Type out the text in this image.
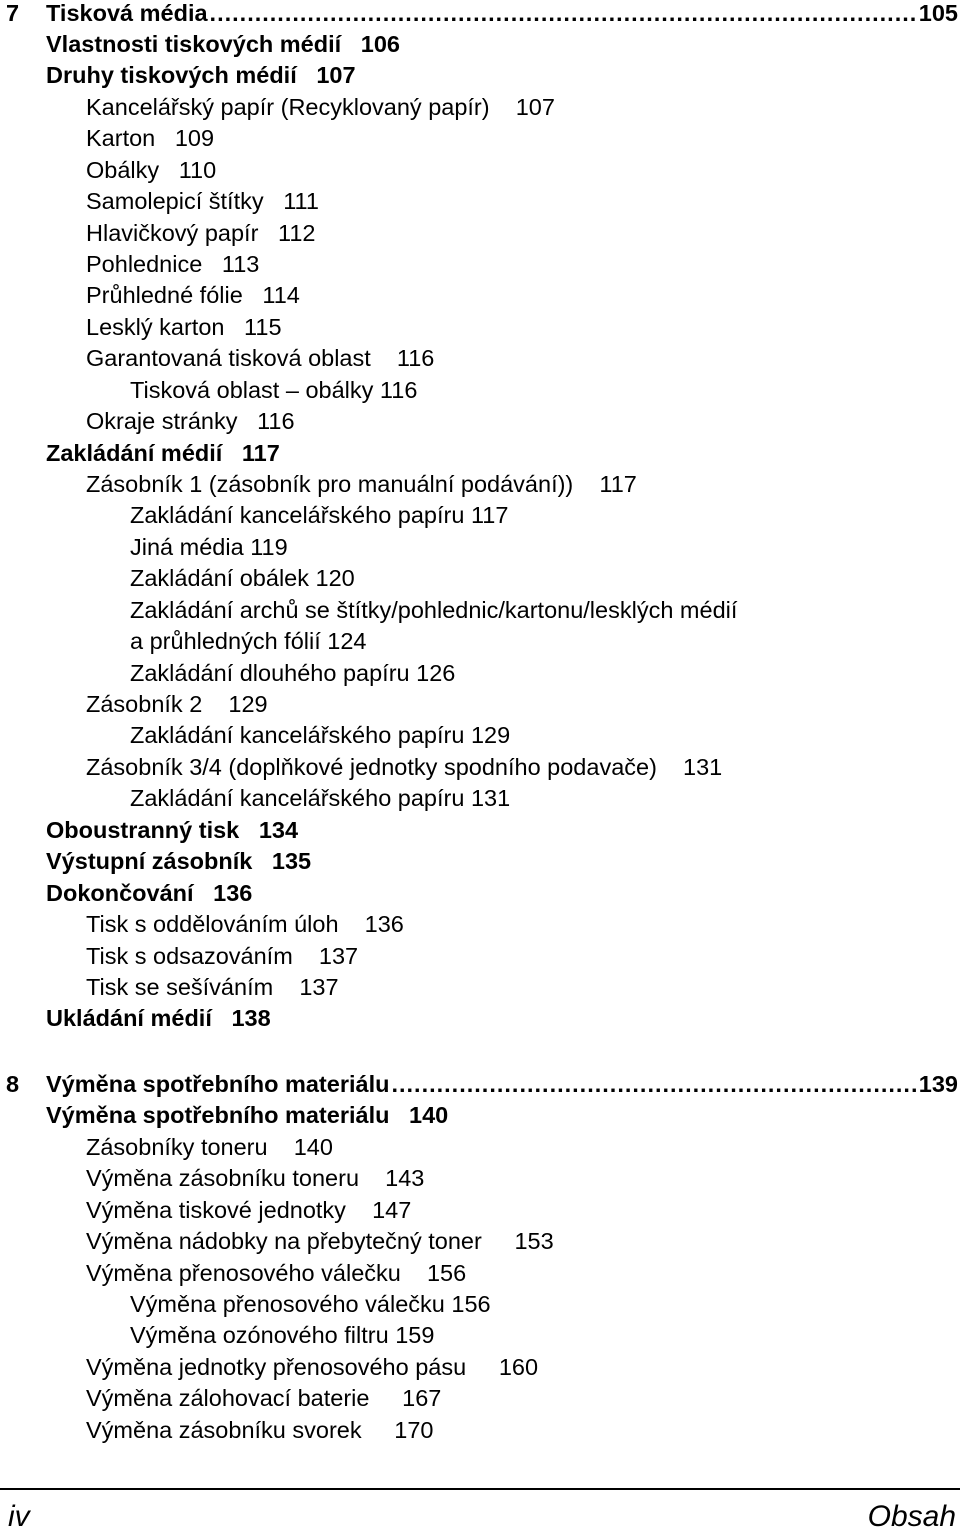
7	Tisková média .....	105
Vlastnosti tiskových médií 106
Druhy tiskových médií 107
Kancelářský papír (Recyklovaný papír) 107
Karton 109
Obálky 110
Samolepicí štítky 111
Hlavičkový papír 112
Pohlednice 113
Průhledné fólie 114
Lesklý karton 115
Garantovaná tisková oblast 116
Tisková oblast – obálky 116
Okraje stránky 116
Zakládání médií 117
Zásobník 1 (zásobník pro manuální podávání)) 117
Zakládání kancelářského papíru 117
Jiná média 119
Zakládání obálek 120
Zakládání archů se štítky/pohlednic/kartonu/lesklých médií
a průhledných fólií 124
Zakládání dlouhého papíru 126
Zásobník 2 129
Zakládání kancelářského papíru 129
Zásobník 3/4 (doplňkové jednotky spodního podavače) 131
Zakládání kancelářského papíru 131
Oboustranný tisk 134
Výstupní zásobník 135
Dokončování 136
Tisk s oddělováním úloh 136
Tisk s odsazováním 137
Tisk se sešíváním 137
Ukládání médií 138
8	Výměna spotřebního materiálu .....	139
Výměna spotřebního materiálu 140
Zásobníky toneru 140
Výměna zásobníku toneru 143
Výměna tiskové jednotky 147
Výměna nádobky na přebytečný toner 153
Výměna přenosového válečku 156
Výměna přenosového válečku 156
Výměna ozónového filtru 159
Výměna jednotky přenosového pásu 160
Výměna zálohovací baterie 167
Výměna zásobníku svorek 170
iv	Obsah
